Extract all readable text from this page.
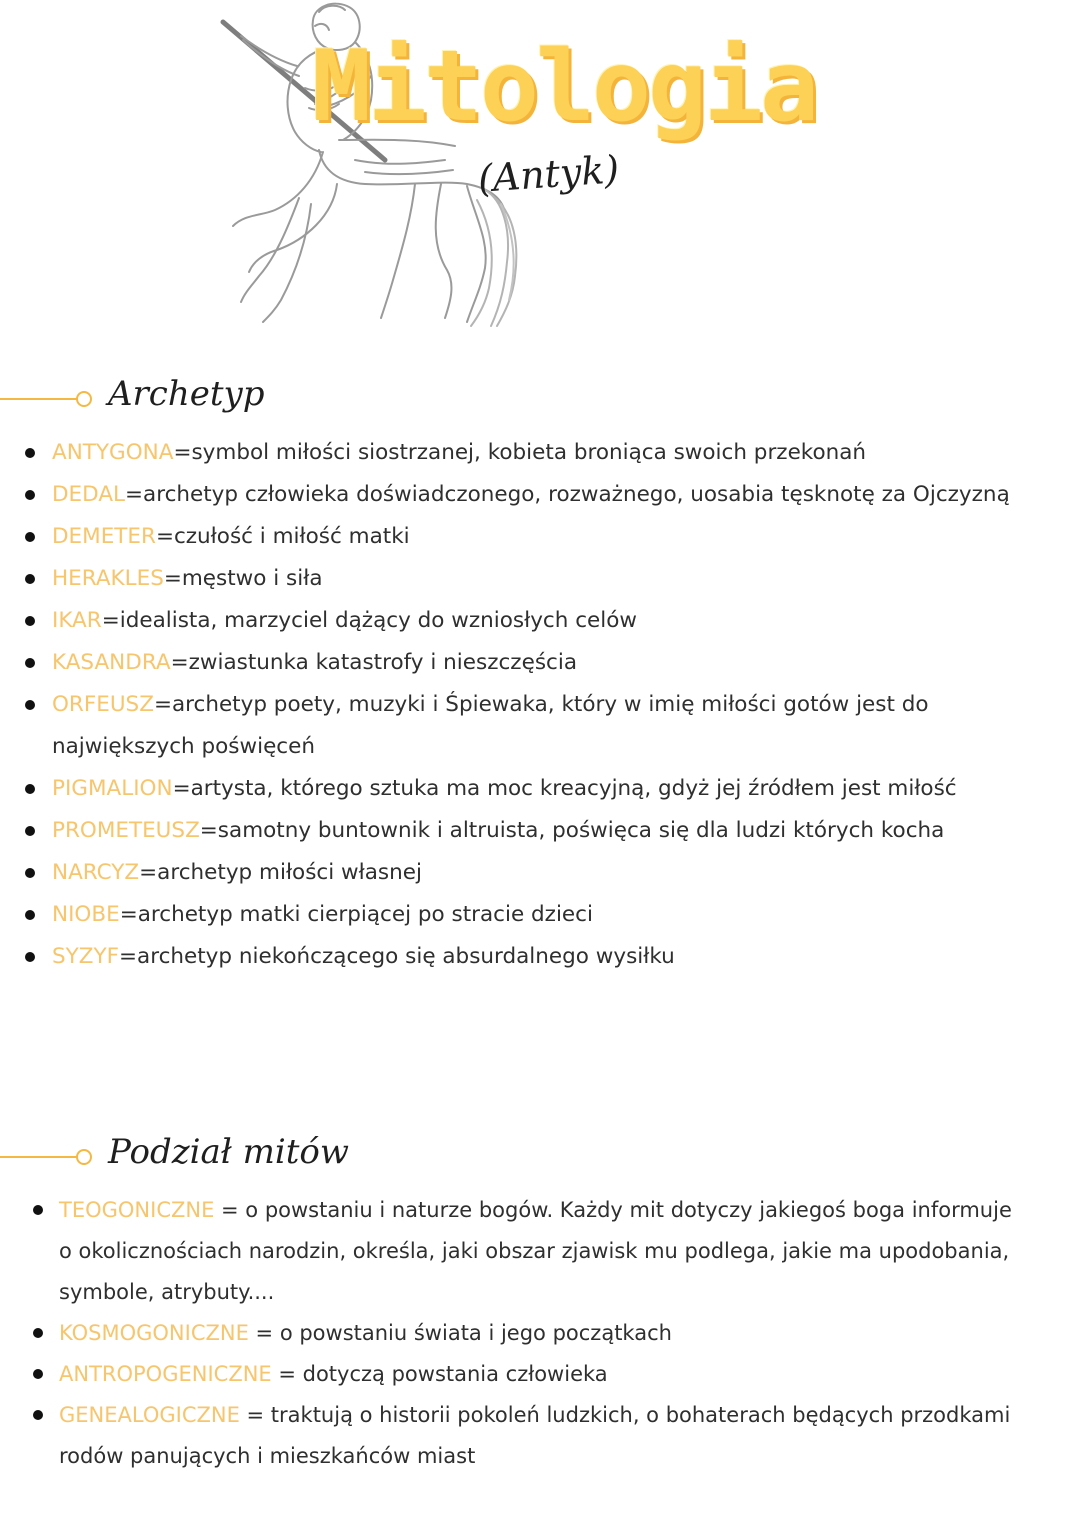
Mitologia
(Antyk)
Archetyp
ANTYGONA=symbol miłości siostrzanej, kobieta broniąca swoich przekonań
DEDAL=archetyp człowieka doświadczonego, rozważnego, uosabia tęsknotę za Ojczyzną
DEMETER=czułość i miłość matki
HERAKLES=męstwo i siła
IKAR=idealista, marzyciel dążący do wzniosłych celów
KASANDRA=zwiastunka katastrofy i nieszczęścia
ORFEUSZ=archetyp poety, muzyki i Śpiewaka, który w imię miłości gotów jest do największych poświęceń
PIGMALION=artysta, którego sztuka ma moc kreacyjną, gdyż jej źródłem jest miłość
PROMETEUSZ=samotny buntownik i altruista, poświęca się dla ludzi których kocha
NARCYZ=archetyp miłości własnej
NIOBE=archetyp matki cierpiącej po stracie dzieci
SYZYF=archetyp niekończącego się absurdalnego wysiłku
Podział mitów
TEOGONICZNE = o powstaniu i naturze bogów. Każdy mit dotyczy jakiegoś boga informuje o okolicznościach narodzin, określa, jaki obszar zjawisk mu podlega, jakie ma upodobania, symbole, atrybuty....
KOSMOGONICZNE = o powstaniu świata i jego początkach
ANTROPOGENICZNE = dotyczą powstania człowieka
GENEALOGICZNE = traktują o historii pokoleń ludzkich, o bohaterach będących przodkami rodów panujących i mieszkańców miast
